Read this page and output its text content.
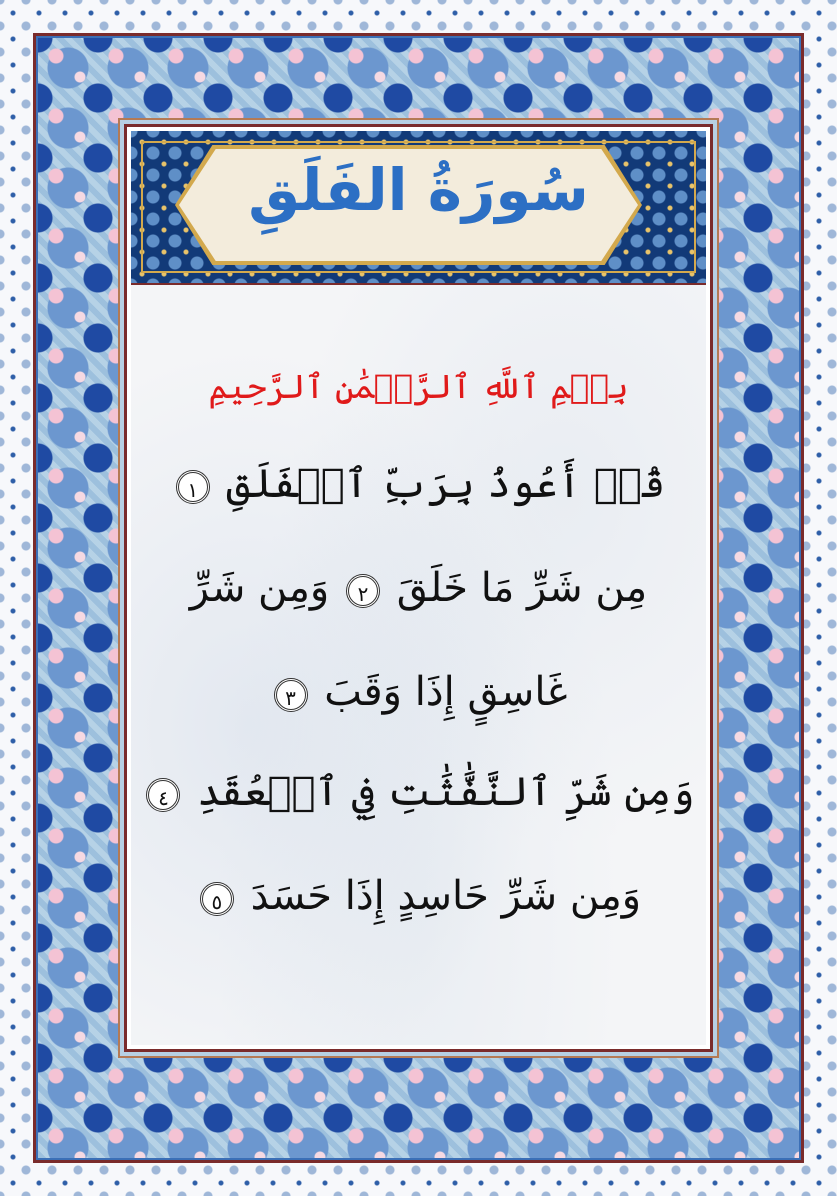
بِسۡمِ ٱللَّهِ ٱلرَّحۡمَٰنِ ٱلرَّحِيمِ
قُلۡ أَعُوذُ بِرَبِّ ٱلۡفَلَقِ ١
مِن شَرِّ مَا خَلَقَ ٢ وَمِن شَرِّ
غَاسِقٍ إِذَا وَقَبَ ٣
وَمِن شَرِّ ٱلنَّفَّٰثَٰتِ فِي ٱلۡعُقَدِ ٤
وَمِن شَرِّ حَاسِدٍ إِذَا حَسَدَ ٥
سُورَةُ الفَلَقِ
